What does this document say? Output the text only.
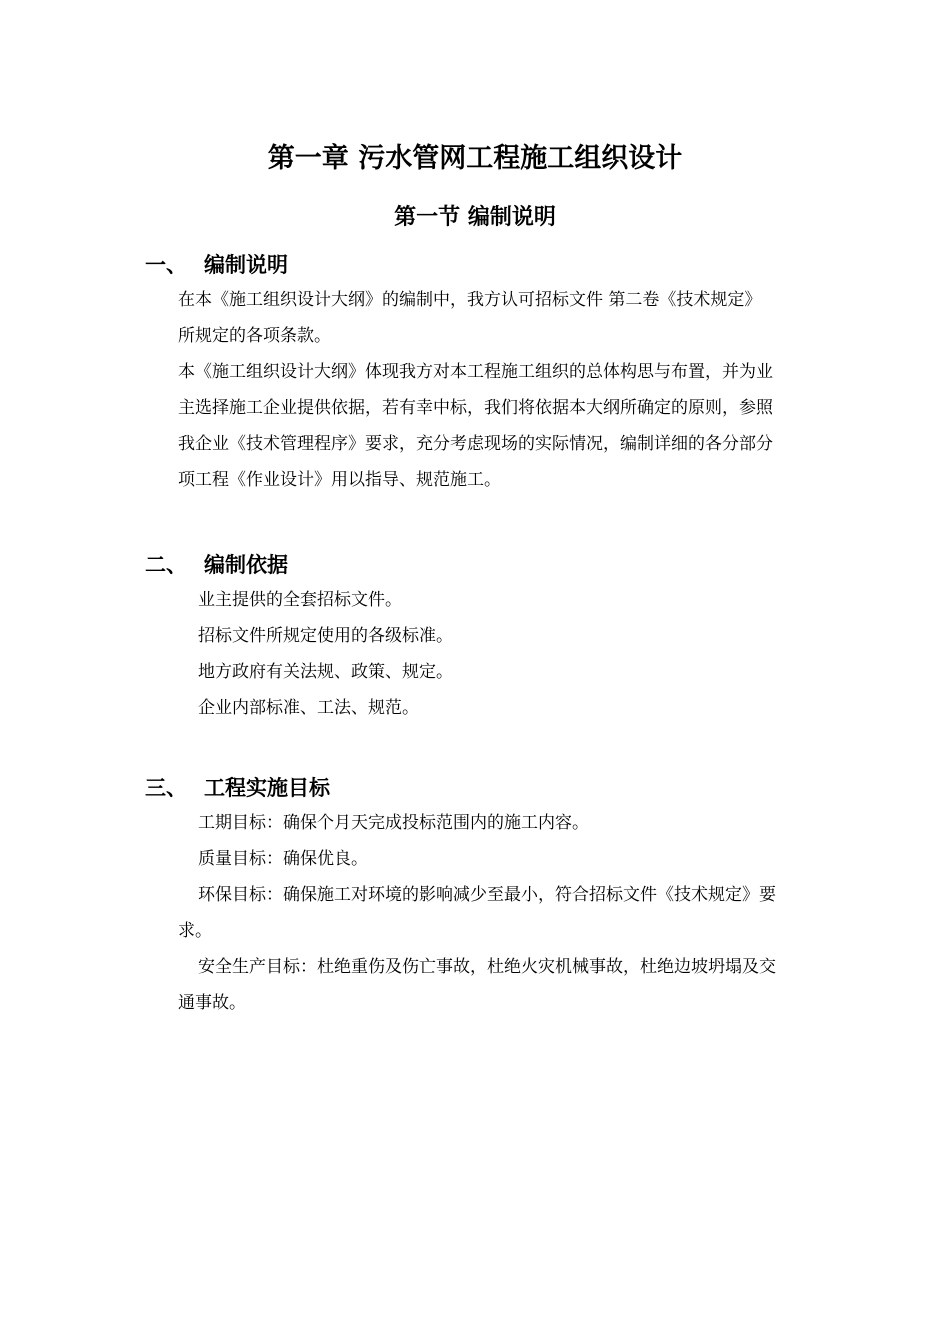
第一章 污水管网工程施工组织设计
第一节 编制说明
一、 编制说明

在本《施工组织设计大纲》的编制中，我方认可招标文件 第二卷《技术规定》所规定的各项条款。

本《施工组织设计大纲》体现我方对本工程施工组织的总体构思与布置，并为业主选择施工企业提供依据，若有幸中标，我们将依据本大纲所确定的原则，参照我企业《技术管理程序》要求，充分考虑现场的实际情况，编制详细的各分部分项工程《作业设计》用以指导、规范施工。

二、 编制依据

业主提供的全套招标文件。

招标文件所规定使用的各级标准。

地方政府有关法规、政策、规定。

企业内部标准、工法、规范。

三、 工程实施目标

工期目标：确保个月天完成投标范围内的施工内容。

质量目标：确保优良。

环保目标：确保施工对环境的影响减少至最小，符合招标文件《技术规定》要求。

安全生产目标：杜绝重伤及伤亡事故，杜绝火灾机械事故，杜绝边坡坍塌及交通事故。
